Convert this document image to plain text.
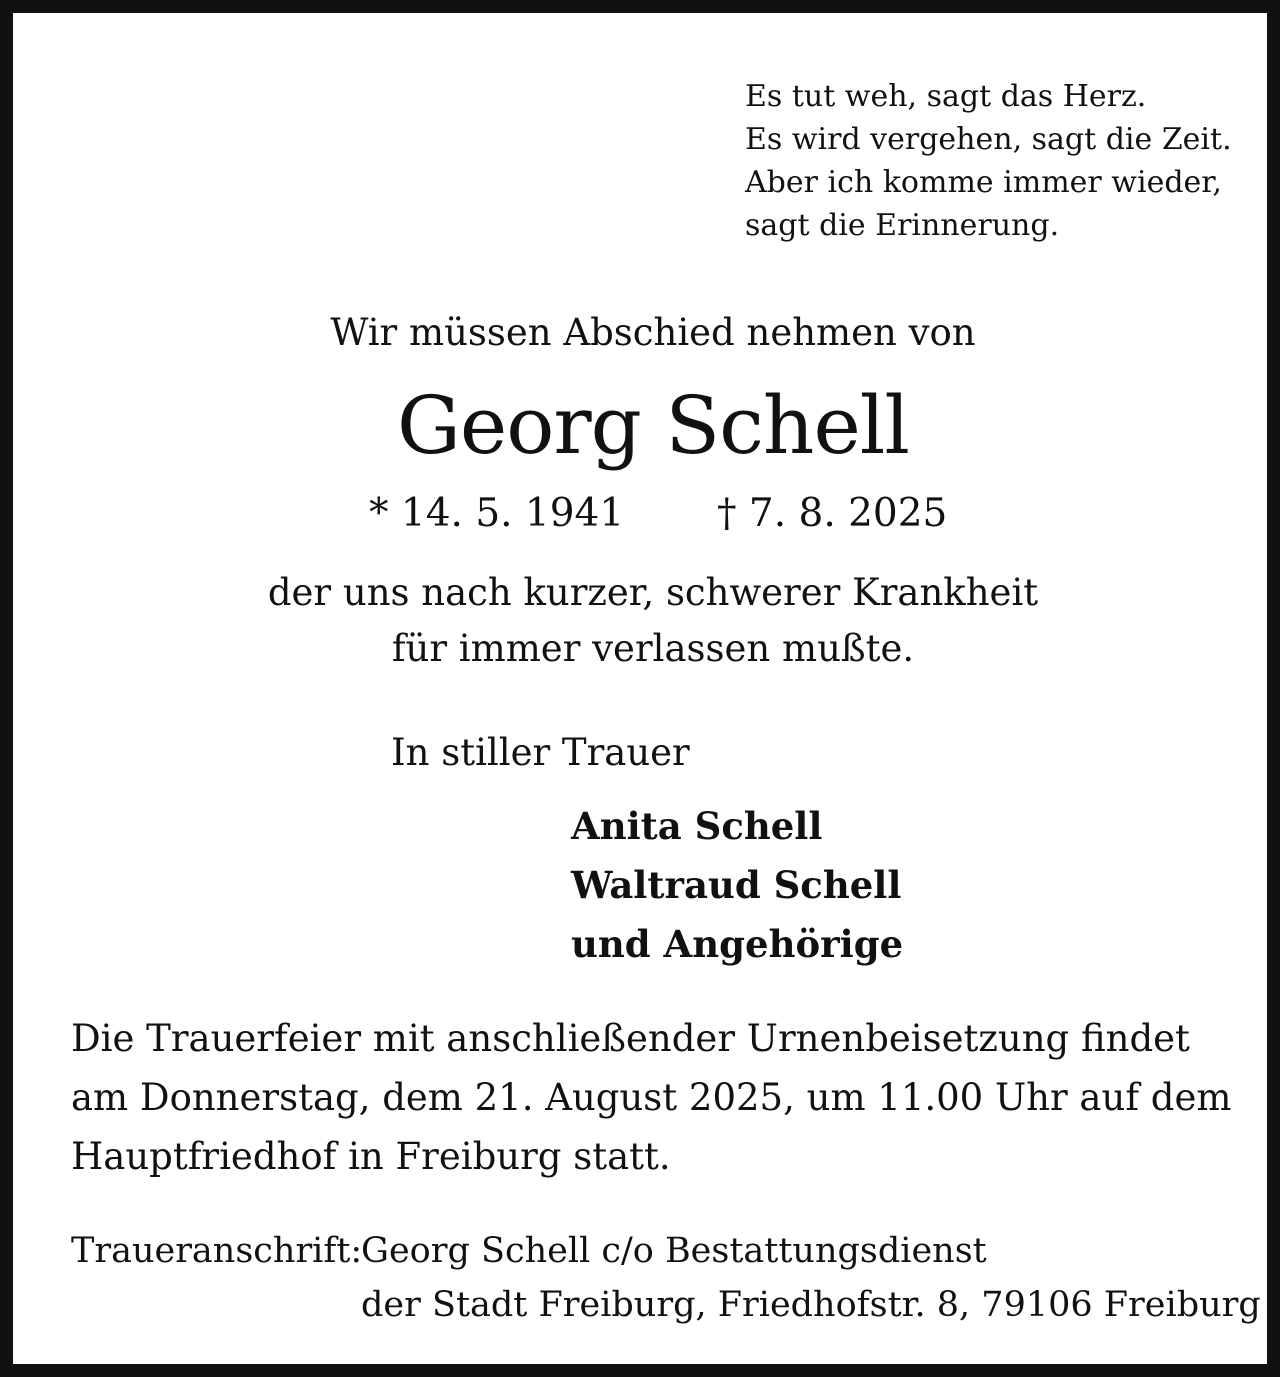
Es tut weh, sagt das Herz.
Es wird vergehen, sagt die Zeit.
Aber ich komme immer wieder,
sagt die Erinnerung.
Wir müssen Abschied nehmen von
Georg Schell
* 14. 5. 1941 † 7. 8. 2025
der uns nach kurzer, schwerer Krankheit
für immer verlassen mußte.
In stiller Trauer
Anita Schell
Waltraud Schell
und Angehörige
Die Trauerfeier mit anschließender Urnenbeisetzung findet
am Donnerstag, dem 21. August 2025, um 11.00 Uhr auf dem
Hauptfriedhof in Freiburg statt.
Traueranschrift:
Georg Schell c/o Bestattungsdienst
der Stadt Freiburg, Friedhofstr. 8, 79106 Freiburg
